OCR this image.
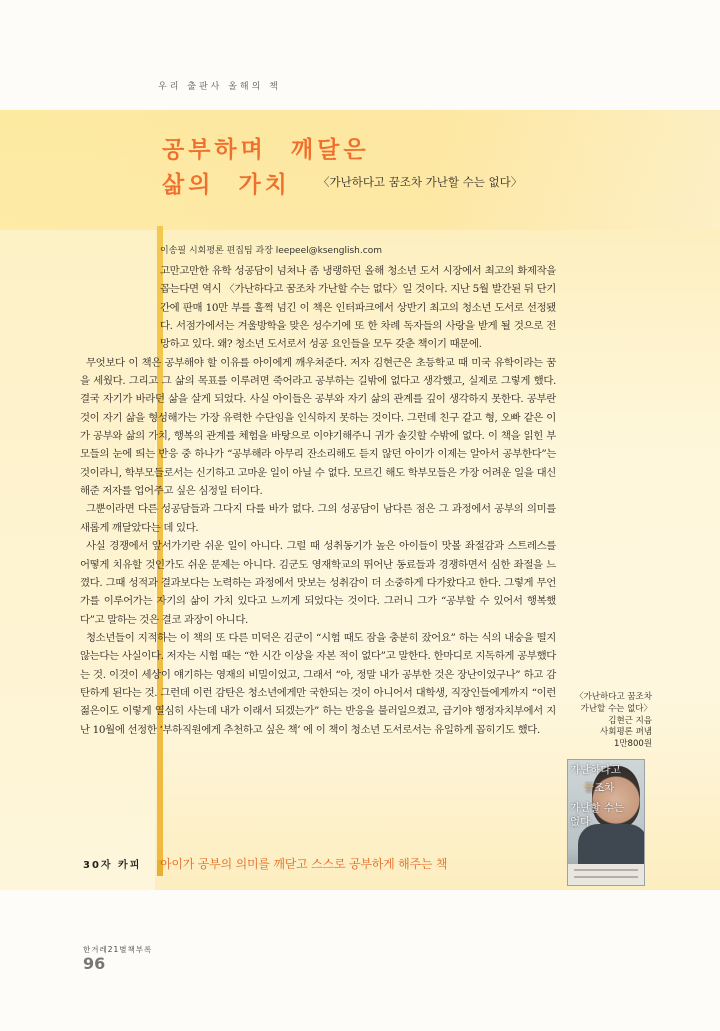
우리 출판사 올해의 책
공부하며  깨달은
삶의  가치 〈가난하다고 꿈조차 가난할 수는 없다〉
이송필 시회평론 편집팀 과장 leepeel@ksenglish.com

고만고만한 유학 성공담이 넘쳐나 좀 냉랭하던 올해 청소년 도서 시장에서 최고의 화제작을 꼽는다면 역시 〈가난하다고 꿈조차 가난할 수는 없다〉일 것이다. 지난 5월 발간된 뒤 단기간에 판매 10만 부를 훌쩍 넘긴 이 책은 인터파크에서 상반기 최고의 청소년 도서로 선정됐다. 서점가에서는 겨울방학을 맞은 성수기에 또 한 차례 독자들의 사랑을 받게 될 것으로 전망하고 있다. 왜? 청소년 도서로서 성공 요인들을 모두 갖춘 책이기 때문에.

무엇보다 이 책은 공부해야 할 이유를 아이에게 깨우쳐준다. 저자 김현근은 초등학교 때 미국 유학이라는 꿈을 세웠다. 그리고 그 삶의 목표를 이루려면 죽어라고 공부하는 길밖에 없다고 생각했고, 실제로 그렇게 했다. 결국 자기가 바라던 삶을 살게 되었다. 사실 아이들은 공부와 자기 삶의 관계를 깊이 생각하지 못한다. 공부란 것이 자기 삶을 형성해가는 가장 유력한 수단임을 인식하지 못하는 것이다. 그런데 친구 같고 형, 오빠 같은 이가 공부와 삶의 가치, 행복의 관계를 체험을 바탕으로 이야기해주니 귀가 솔깃할 수밖에 없다. 이 책을 읽힌 부모들의 눈에 띄는 반응 중 하나가 “공부해라 아무리 잔소리해도 듣지 않던 아이가 이제는 알아서 공부한다”는 것이라니, 학부모들로서는 신기하고 고마운 일이 아닐 수 없다. 모르긴 해도 학부모들은 가장 어려운 일을 대신해준 저자를 업어주고 싶은 심정일 터이다.

그뿐이라면 다른 성공담들과 그다지 다를 바가 없다. 그의 성공담이 남다른 점은 그 과정에서 공부의 의미를 새롭게 깨달았다는 데 있다.

사실 경쟁에서 앞서가기란 쉬운 일이 아니다. 그럴 때 성취동기가 높은 아이들이 맛볼 좌절감과 스트레스를 어떻게 치유할 것인가도 쉬운 문제는 아니다. 김군도 영재학교의 뛰어난 동료들과 경쟁하면서 심한 좌절을 느꼈다. 그때 성적과 결과보다는 노력하는 과정에서 맛보는 성취감이 더 소중하게 다가왔다고 한다. 그렇게 무언가를 이루어가는 자기의 삶이 가치 있다고 느끼게 되었다는 것이다. 그러니 그가 “공부할 수 있어서 행복했다”고 말하는 것은 결코 과장이 아니다.

청소년들이 지적하는 이 책의 또 다른 미덕은 김군이 “시험 때도 잠을 충분히 잤어요” 하는 식의 내숭을 떨지 않는다는 사실이다. 저자는 시험 때는 “한 시간 이상을 자본 적이 없다”고 말한다. 한마디로 지독하게 공부했다는 것. 이것이 세상이 얘기하는 영재의 비밀이었고, 그래서 “아, 정말 내가 공부한 것은 장난이었구나” 하고 감탄하게 된다는 것. 그런데 이런 감탄은 청소년에게만 국한되는 것이 아니어서 대학생, 직장인들에게까지 “이런 젊은이도 이렇게 열심히 사는데 내가 이래서 되겠는가” 하는 반응을 불러일으켰고, 급기야 행정자치부에서 지난 10월에 선정한 ‘부하직원에게 추천하고 싶은 책’ 에 이 책이 청소년 도서로서는 유일하게 꼽히기도 했다.

〈가난하다고 꿈조차
가난할 수는 없다〉
김현근 지음
사회평론 펴냄
1만800원
가난하다고
꿈조차
가난할 수는
없다
30자 카피 아이가 공부의 의미를 깨닫고 스스로 공부하게 해주는 책
한겨레21별책부록
96
